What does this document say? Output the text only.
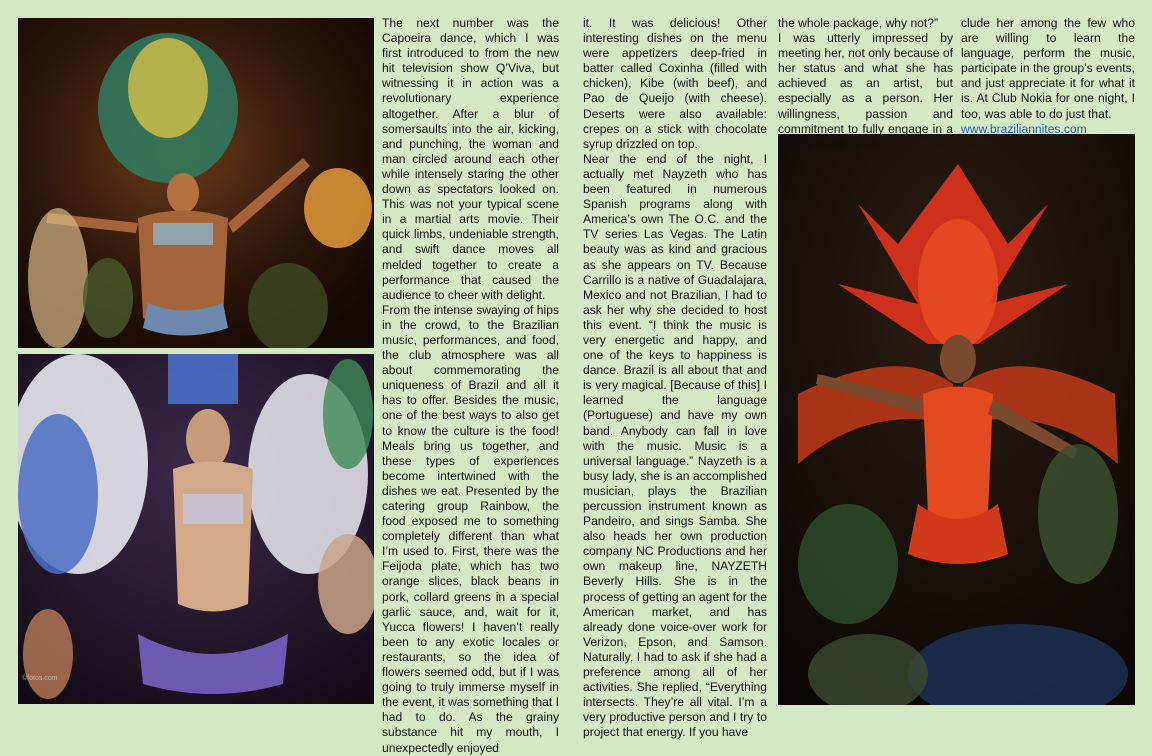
©fotos.com

The next number was the Capoeira dance, which I was first introduced to from the new hit television show Q’Viva, but witnessing it in action was a revolutionary experience altogether. After a blur of somersaults into the air, kicking, and punching, the woman and man circled around each other while intensely staring the other down as spectators looked on. This was not your typical scene in a martial arts movie. Their quick limbs, undeniable strength, and swift dance moves all melded together to create a performance that caused the audience to cheer with delight.

From the intense swaying of hips in the crowd, to the Brazilian music, performances, and food, the club atmosphere was all about commemorating the uniqueness of Brazil and all it has to offer. Besides the music, one of the best ways to also get to know the culture is the food! Meals bring us together, and these types of experiences become intertwined with the dishes we eat. Presented by the catering group Rainbow, the food exposed me to something completely different than what I’m used to. First, there was the Feijoda plate, which has two orange slices, black beans in pork, collard greens in a special garlic sauce, and, wait for it, Yucca flowers! I haven’t really been to any exotic locales or restaurants, so the idea of flowers seemed odd, but if I was going to truly immerse myself in the event, it was something that I had to do. As the grainy substance hit my mouth, I unexpectedly enjoyed

it. It was delicious! Other interesting dishes on the menu were appetizers deep-fried in batter called Coxinha (filled with chicken), Kibe (with beef), and Pao de Queijo (with cheese). Deserts were also available: crepes on a stick with chocolate syrup drizzled on top.

Near the end of the night, I actually met Nayzeth who has been featured in numerous Spanish programs along with America’s own The O.C. and the TV series Las Vegas. The Latin beauty was as kind and gracious as she appears on TV. Because Carrillo is a native of Guadalajara, Mexico and not Brazilian, I had to ask her why she decided to host this event. “I think the music is very energetic and happy, and one of the keys to happiness is dance. Brazil is all about that and is very magical. [Because of this] I learned the language (Portuguese) and have my own band. Anybody can fall in love with the music. Music is a universal language.” Nayzeth is a busy lady, she is an accomplished musician, plays the Brazilian percussion instrument known as Pandeiro, and sings Samba. She also heads her own production company NC Productions and her own makeup line, NAYZETH Beverly Hills. She is in the process of getting an agent for the American market, and has already done voice-over work for Verizon, Epson, and Samson. Naturally, I had to ask if she had a preference among all of her activities. She replied, “Everything intersects. They’re all vital. I’m a very productive person and I try to project that energy. If you have

the whole package, why not?”

I was utterly impressed by meeting her, not only because of her status and what she has achieved as an artist, but especially as a person. Her willingness, passion and commitment to fully engage in a different culture, in-

clude her among the few who are willing to learn the language, perform the music, participate in the group’s events, and just appreciate it for what it is. At Club Nokia for one night, I too, was able to do just that.

www.braziliannites.com
